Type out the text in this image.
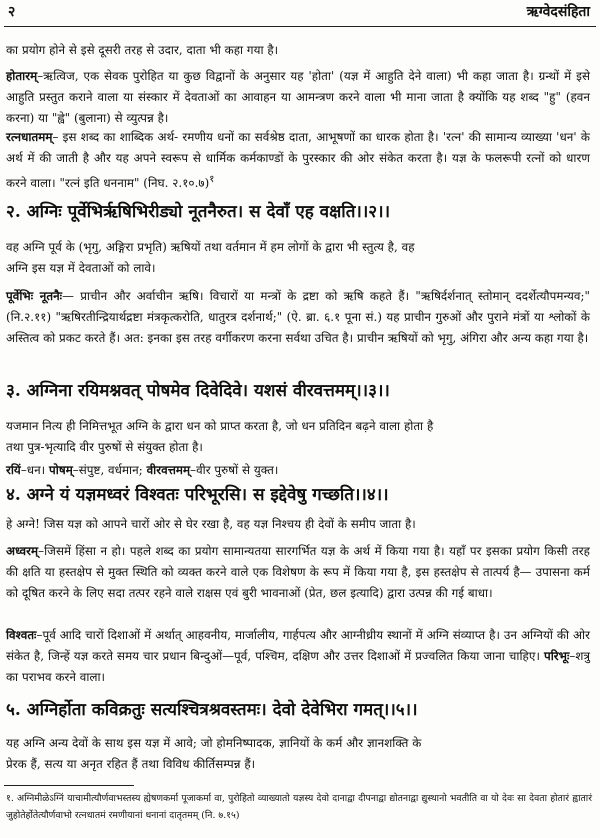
२	ऋग्वेदसंहिता

का प्रयोग होने से इसे दूसरी तरह से उदार, दाता भी कहा गया है।

होतारम्–ऋत्विज, एक सेवक पुरोहित या कुछ विद्वानों के अनुसार यह 'होता' (यज्ञ में आहुति देने वाला) भी कहा जाता है। ग्रन्थों में इसे आहुति प्रस्तुत कराने वाला या संस्कार में देवताओं का आवाहन या आमन्त्रण करने वाला भी माना जाता है क्योंकि यह शब्द "हु" (हवन करना) या "ह्वे" (बुलाना) से व्युत्पन्न है।

रत्नधातमम्– इस शब्द का शाब्दिक अर्थ- रमणीय धनों का सर्वश्रेष्ठ दाता, आभूषणों का धारक होता है। 'रत्न' की सामान्य व्याख्या 'धन' के अर्थ में की जाती है और यह अपने स्वरूप से धार्मिक कर्मकाण्डों के पुरस्कार की ओर संकेत करता है। यज्ञ के फलरूपी रत्नों को धारण करने वाला। "रत्नं इति धननाम" (निघ. २.१०.७)$^१$

२. अग्निः पूर्वेभिर्ऋषिभिरीड्यो नूतनैरुत। स देवाँ एह वक्षति।।२।।

वह अग्नि पूर्व के (भृगु, अङ्गिरा प्रभृति) ऋषियों तथा वर्तमान में हम लोगों के द्वारा भी स्तुत्य है, वह
अग्नि इस यज्ञ में देवताओं को लावे।

पूर्वेभिः नूतनैः— प्राचीन और अर्वाचीन ऋषि। विचारों या मन्त्रों के द्रष्टा को ऋषि कहते हैं। "ऋषिर्दर्शनात् स्तोमान् ददर्शेत्यौपमन्यव;" (नि.२.११) "ऋषिरतीन्द्रियार्थद्रष्टा मंत्रकृत्करोति, धातुरत्र दर्शनार्थ;" (ऐ. ब्रा. ६.१ पूना सं.) यह प्राचीन गुरुओं और पुराने मंत्रों या श्लोकों के अस्तित्व को प्रकट करते हैं। अत: इनका इस तरह वर्गीकरण करना सर्वथा उचित है। प्राचीन ऋषियों को भृगु, अंगिरा और अन्य कहा गया है।

३. अग्निना रयिमश्नवत् पोषमेव दिवेदिवे। यशसं वीरवत्तमम्।।३।।

यजमान नित्य ही निमित्तभूत अग्नि के द्वारा धन को प्राप्त करता है, जो धन प्रतिदिन बढ़ने वाला होता है
तथा पुत्र-भृत्यादि वीर पुरुषों से संयुक्त होता है।

रयिं–धन। पोषम्–संपुष्ट, वर्धमान; वीरवत्तमम्–वीर पुरुषों से युक्त।

४. अग्ने यं यज्ञमध्वरं विश्वतः परिभूरसि। स इद्देवेषु गच्छति।।४।।

हे अग्ने! जिस यज्ञ को आपने चारों ओर से घेर रखा है, वह यज्ञ निश्चय ही देवों के समीप जाता है।

अध्वरम्–जिसमें हिंसा न हो। पहले शब्द का प्रयोग सामान्यतया सारगर्भित यज्ञ के अर्थ में किया गया है। यहाँ पर इसका प्रयोग किसी तरह की क्षति या हस्तक्षेप से मुक्त स्थिति को व्यक्त करने वाले एक विशेषण के रूप में किया गया है, इस हस्तक्षेप से तात्पर्य है— उपासना कर्म को दूषित करने के लिए सदा तत्पर रहने वाले राक्षस एवं बुरी भावनाओं (प्रेत, छल इत्यादि) द्वारा उत्पन्न की गई बाधा।

विश्वतः–पूर्व आदि चारों दिशाओं में अर्थात् आहवनीय, मार्जालीय, गार्हपत्य और आग्नीध्रीय स्थानों में अग्नि संव्याप्त है। उन अग्नियों की ओर संकेत है, जिन्हें यज्ञ करते समय चार प्रधान बिन्दुओं—पूर्व, पश्चिम, दक्षिण और उत्तर दिशाओं में प्रज्वलित किया जाना चाहिए। परिभूः–शत्रु का पराभव करने वाला।

५. अग्निर्होता कविक्रतुः सत्यश्चित्रश्रवस्तमः। देवो देवेभिरा गमत्।।५।।

यह अग्नि अन्य देवों के साथ इस यज्ञ में आवे; जो होमनिष्पादक, ज्ञानियों के कर्म और ज्ञानशक्ति के
प्रेरक हैं, सत्य या अनृत रहित हैं तथा विविध कीर्तिसम्पन्न हैं।

१. अग्निमीळेऽग्निं याचामीत्यौर्णवाभस्तस्य ह्येषणकर्मा पूजाकर्मा वा, पुरोहितो व्याख्यातो यज्ञस्य देवो दानाद्वा दीपनाद्वा द्योतनाद्वा द्युस्थानो भवतीति वा यो देवः सा देवता होतारं ह्वातारं जुहोतेर्होतेत्यौर्णवाभो रत्नधातमं रमणीयानां धनानां दातृतमम् (नि. ७.१५)
